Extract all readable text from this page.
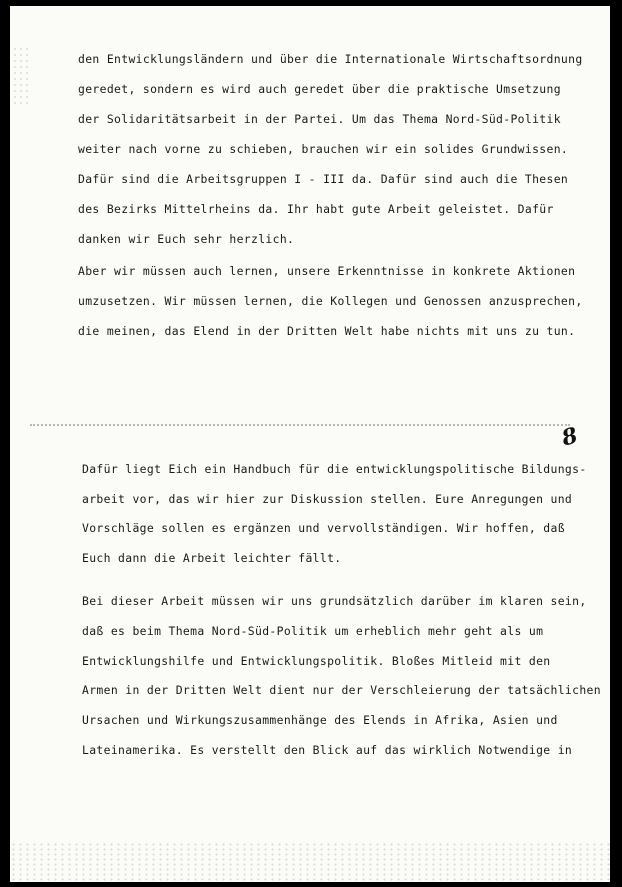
den Entwicklungsländern und über die Internationale Wirtschaftsordnung

geredet, sondern es wird auch geredet über die praktische Umsetzung

der Solidaritätsarbeit in der Partei. Um das Thema Nord-Süd-Politik

weiter nach vorne zu schieben, brauchen wir ein solides Grundwissen.

Dafür sind die Arbeitsgruppen I - III da. Dafür sind auch die Thesen

des Bezirks Mittelrheins da. Ihr habt gute Arbeit geleistet. Dafür

danken wir Euch sehr herzlich.

Aber wir müssen auch lernen, unsere Erkenntnisse in konkrete Aktionen

umzusetzen. Wir müssen lernen, die Kollegen und Genossen anzusprechen,

die meinen, das Elend in der Dritten Welt habe nichts mit uns zu tun.

8

Dafür liegt Eich ein Handbuch für die entwicklungspolitische Bildungs-

arbeit vor, das wir hier zur Diskussion stellen. Eure Anregungen und

Vorschläge sollen es ergänzen und vervollständigen. Wir hoffen, daß

Euch dann die Arbeit leichter fällt.

Bei dieser Arbeit müssen wir uns grundsätzlich darüber im klaren sein,

daß es beim Thema Nord-Süd-Politik um erheblich mehr geht als um

Entwicklungshilfe und Entwicklungspolitik. Bloßes Mitleid mit den

Armen in der Dritten Welt dient nur der Verschleierung der tatsächlichen

Ursachen und Wirkungszusammenhänge des Elends in Afrika, Asien und

Lateinamerika. Es verstellt den Blick auf das wirklich Notwendige in
